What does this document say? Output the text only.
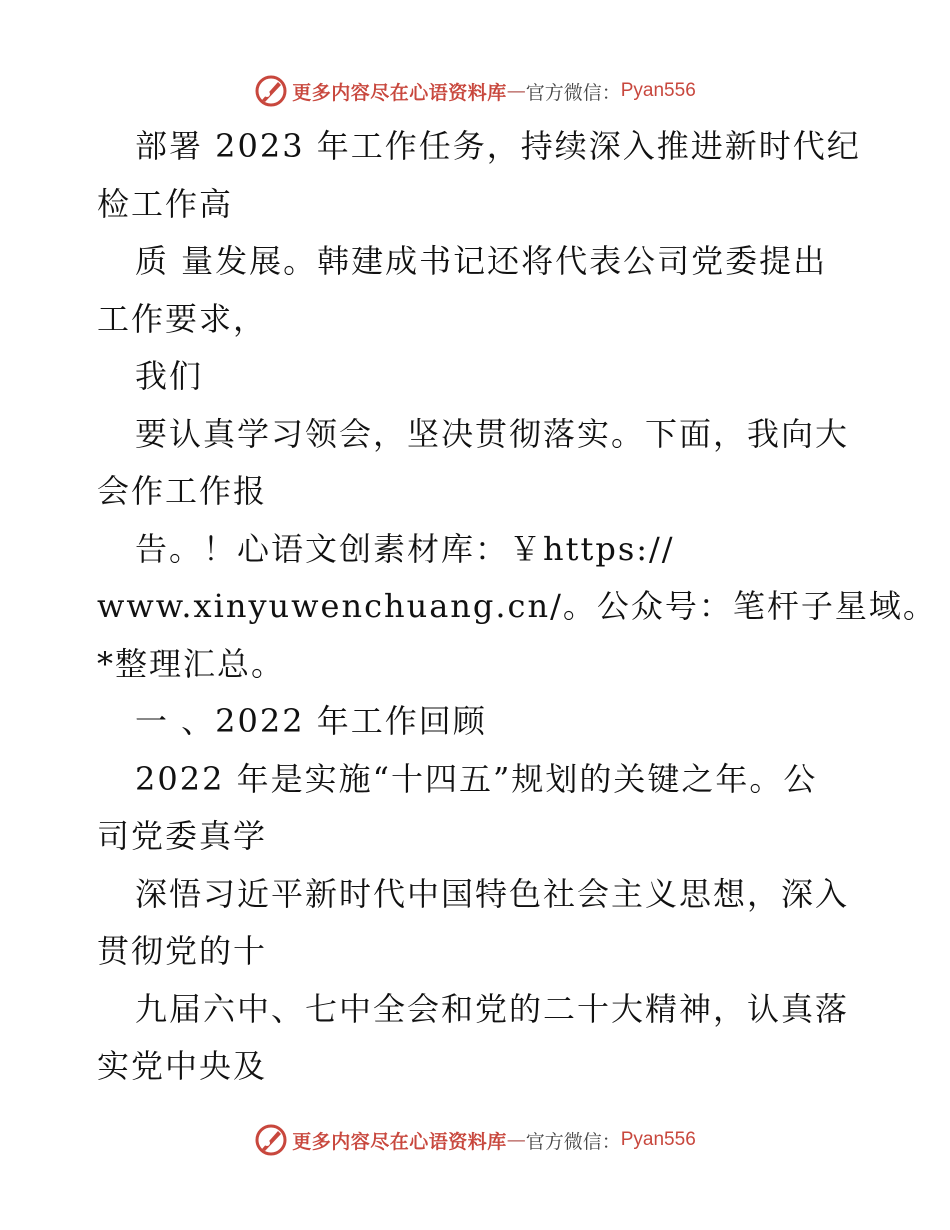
更多内容尽在心语资料库 — 官方微信： Pyan556
部署 2023 年工作任务，持续深入推进新时代纪
检工作高
质 量发展。韩建成书记还将代表公司党委提出
工作要求，
我们
要认真学习领会，坚决贯彻落实。下面，我向大
会作工作报
告。！心语文创素材库：￥https://
www.xinyuwenchuang.cn/。公众号：笔杆子星域。
*整理汇总。
一 、2022 年工作回顾
2022 年是实施“十四五”规划的关键之年。公
司党委真学
深悟习近平新时代中国特色社会主义思想，深入
贯彻党的十
九届六中、七中全会和党的二十大精神，认真落
实党中央及
更多内容尽在心语资料库 — 官方微信： Pyan556
